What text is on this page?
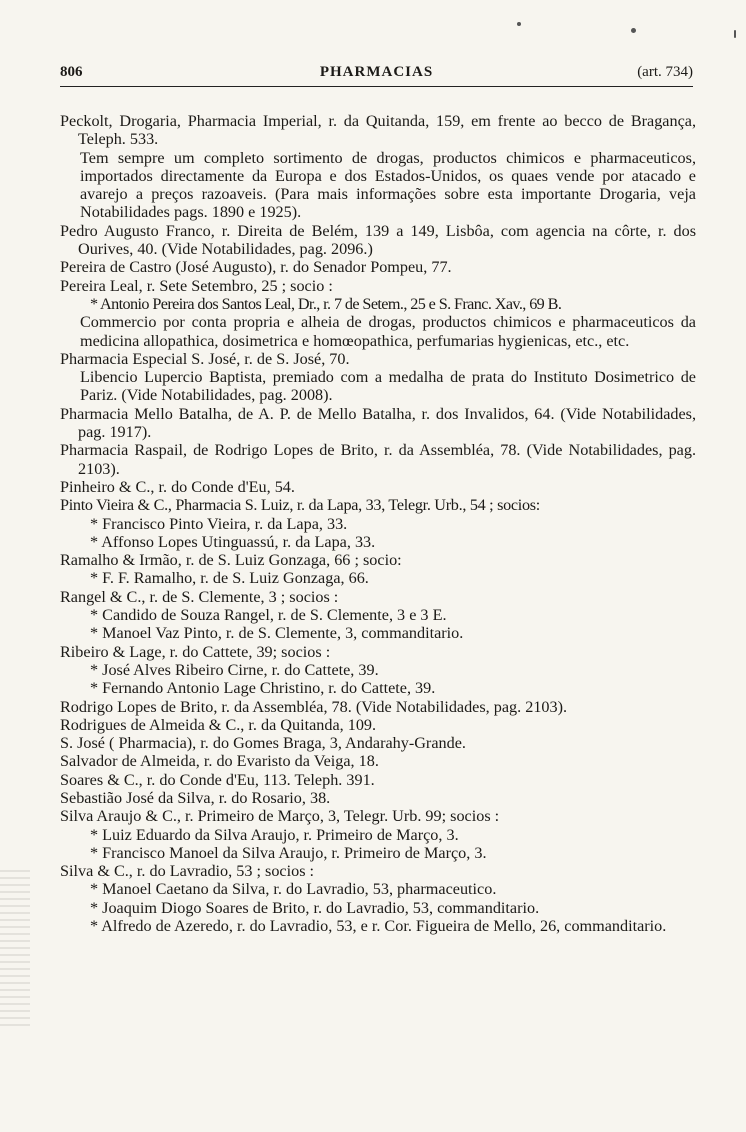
806	PHARMACIAS	(art. 734)

Peckolt, Drogaria, Pharmacia Imperial, r. da Quitanda, 159, em frente ao becco de Bragança, Teleph. 533.

Tem sempre um completo sortimento de drogas, productos chimicos e pharmaceuticos, importados directamente da Europa e dos Estados-Unidos, os quaes vende por atacado e avarejo a preços razoaveis. (Para mais informações sobre esta importante Drogaria, veja Notabilidades pags. 1890 e 1925).

Pedro Augusto Franco, r. Direita de Belém, 139 a 149, Lisbôa, com agencia na côrte, r. dos Ourives, 40. (Vide Notabilidades, pag. 2096.)

Pereira de Castro (José Augusto), r. do Senador Pompeu, 77.

Pereira Leal, r. Sete Setembro, 25 ; socio :

* Antonio Pereira dos Santos Leal, Dr., r. 7 de Setem., 25 e S. Franc. Xav., 69 B.

Commercio por conta propria e alheia de drogas, productos chimicos e pharmaceuticos da medicina allopathica, dosimetrica e homœopathica, perfumarias hygienicas, etc., etc.

Pharmacia Especial S. José, r. de S. José, 70.

Libencio Lupercio Baptista, premiado com a medalha de prata do Instituto Dosimetrico de Pariz. (Vide Notabilidades, pag. 2008).

Pharmacia Mello Batalha, de A. P. de Mello Batalha, r. dos Invalidos, 64. (Vide Notabilidades, pag. 1917).

Pharmacia Raspail, de Rodrigo Lopes de Brito, r. da Assembléa, 78. (Vide Notabilidades, pag. 2103).

Pinheiro & C., r. do Conde d'Eu, 54.

Pinto Vieira & C., Pharmacia S. Luiz, r. da Lapa, 33, Telegr. Urb., 54 ; socios:

* Francisco Pinto Vieira, r. da Lapa, 33.

* Affonso Lopes Utinguassú, r. da Lapa, 33.

Ramalho & Irmão, r. de S. Luiz Gonzaga, 66 ; socio:

* F. F. Ramalho, r. de S. Luiz Gonzaga, 66.

Rangel & C., r. de S. Clemente, 3 ; socios :

* Candido de Souza Rangel, r. de S. Clemente, 3 e 3 E.

* Manoel Vaz Pinto, r. de S. Clemente, 3, commanditario.

Ribeiro & Lage, r. do Cattete, 39; socios :

* José Alves Ribeiro Cirne, r. do Cattete, 39.

* Fernando Antonio Lage Christino, r. do Cattete, 39.

Rodrigo Lopes de Brito, r. da Assembléa, 78. (Vide Notabilidades, pag. 2103).

Rodrigues de Almeida & C., r. da Quitanda, 109.

S. José ( Pharmacia), r. do Gomes Braga, 3, Andarahy-Grande.

Salvador de Almeida, r. do Evaristo da Veiga, 18.

Soares & C., r. do Conde d'Eu, 113. Teleph. 391.

Sebastião José da Silva, r. do Rosario, 38.

Silva Araujo & C., r. Primeiro de Março, 3, Telegr. Urb. 99; socios :

* Luiz Eduardo da Silva Araujo, r. Primeiro de Março, 3.

* Francisco Manoel da Silva Araujo, r. Primeiro de Março, 3.

Silva & C., r. do Lavradio, 53 ; socios :

* Manoel Caetano da Silva, r. do Lavradio, 53, pharmaceutico.

* Joaquim Diogo Soares de Brito, r. do Lavradio, 53, commanditario.

* Alfredo de Azeredo, r. do Lavradio, 53, e r. Cor. Figueira de Mello, 26, commanditario.
